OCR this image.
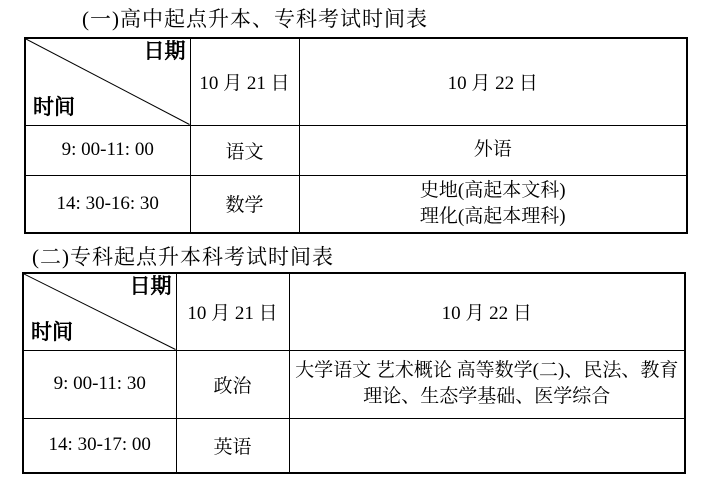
(一)高中起点升本、专科考试时间表

日期
时间	10 月 21 日	10 月 22 日
9: 00-11: 00	语文	外语

14: 30-16: 30	数学	史地(高起本文科)
理化(高起本理科)

(二)专科起点升本科考试时间表

日期
时间	10 月 21 日	10 月 22 日
9: 00-11: 30	政治	大学语文 艺术概论 高等数学(二)、民法、教育理论、生态学基础、医学综合

14: 30-17: 00	英语	
